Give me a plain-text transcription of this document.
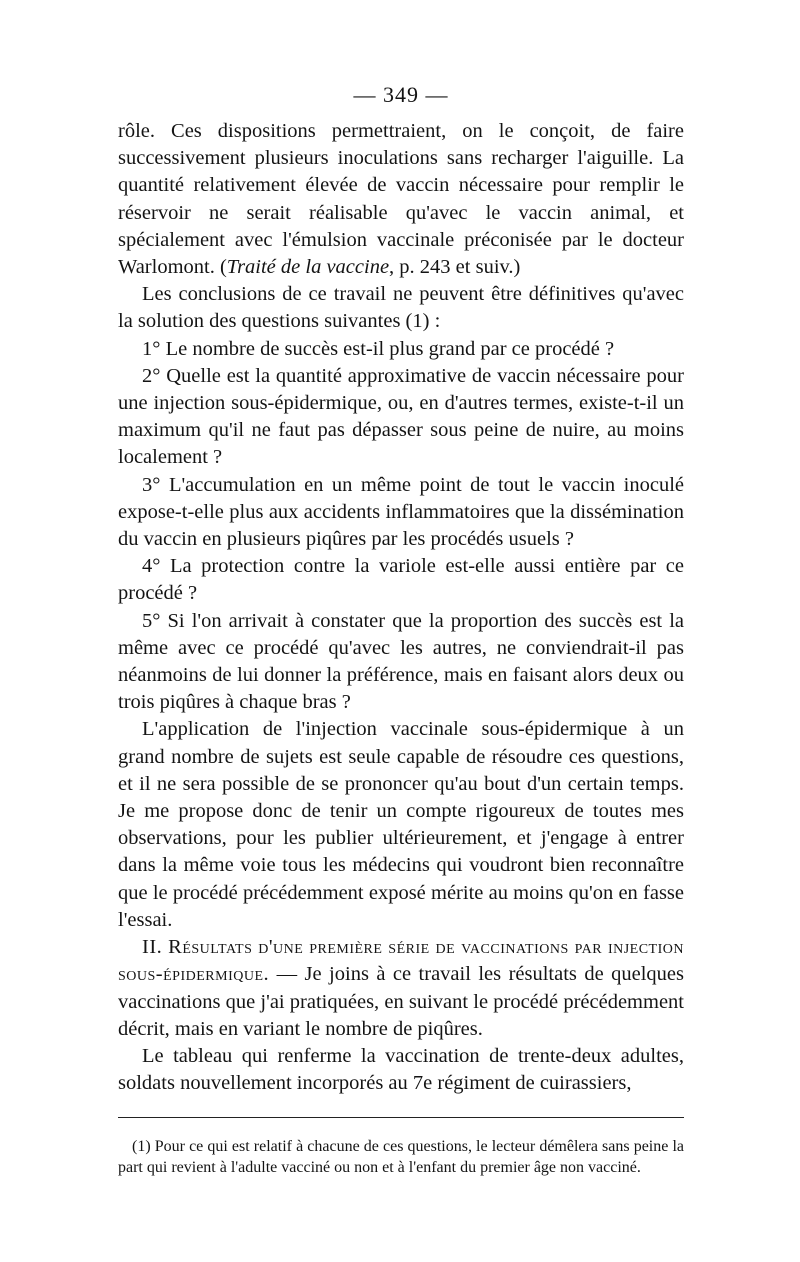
— 349 —

rôle. Ces dispositions permettraient, on le conçoit, de faire successivement plusieurs inoculations sans recharger l'aiguille. La quantité relativement élevée de vaccin nécessaire pour remplir le réservoir ne serait réalisable qu'avec le vaccin animal, et spécialement avec l'émulsion vaccinale préconisée par le docteur Warlomont. (Traité de la vaccine, p. 243 et suiv.)

Les conclusions de ce travail ne peuvent être définitives qu'avec la solution des questions suivantes (1) :

1° Le nombre de succès est-il plus grand par ce procédé ?

2° Quelle est la quantité approximative de vaccin nécessaire pour une injection sous-épidermique, ou, en d'autres termes, existe-t-il un maximum qu'il ne faut pas dépasser sous peine de nuire, au moins localement ?

3° L'accumulation en un même point de tout le vaccin inoculé expose-t-elle plus aux accidents inflammatoires que la dissémination du vaccin en plusieurs piqûres par les procédés usuels ?

4° La protection contre la variole est-elle aussi entière par ce procédé ?

5° Si l'on arrivait à constater que la proportion des succès est la même avec ce procédé qu'avec les autres, ne conviendrait-il pas néanmoins de lui donner la préférence, mais en faisant alors deux ou trois piqûres à chaque bras ?

L'application de l'injection vaccinale sous-épidermique à un grand nombre de sujets est seule capable de résoudre ces questions, et il ne sera possible de se prononcer qu'au bout d'un certain temps. Je me propose donc de tenir un compte rigoureux de toutes mes observations, pour les publier ultérieurement, et j'engage à entrer dans la même voie tous les médecins qui voudront bien reconnaître que le procédé précédemment exposé mérite au moins qu'on en fasse l'essai.

II. Résultats d'une première série de vaccinations par injection sous-épidermique. — Je joins à ce travail les résultats de quelques vaccinations que j'ai pratiquées, en suivant le procédé précédemment décrit, mais en variant le nombre de piqûres.

Le tableau qui renferme la vaccination de trente-deux adultes, soldats nouvellement incorporés au 7e régiment de cuirassiers,

(1) Pour ce qui est relatif à chacune de ces questions, le lecteur démêlera sans peine la part qui revient à l'adulte vacciné ou non et à l'enfant du premier âge non vacciné.
